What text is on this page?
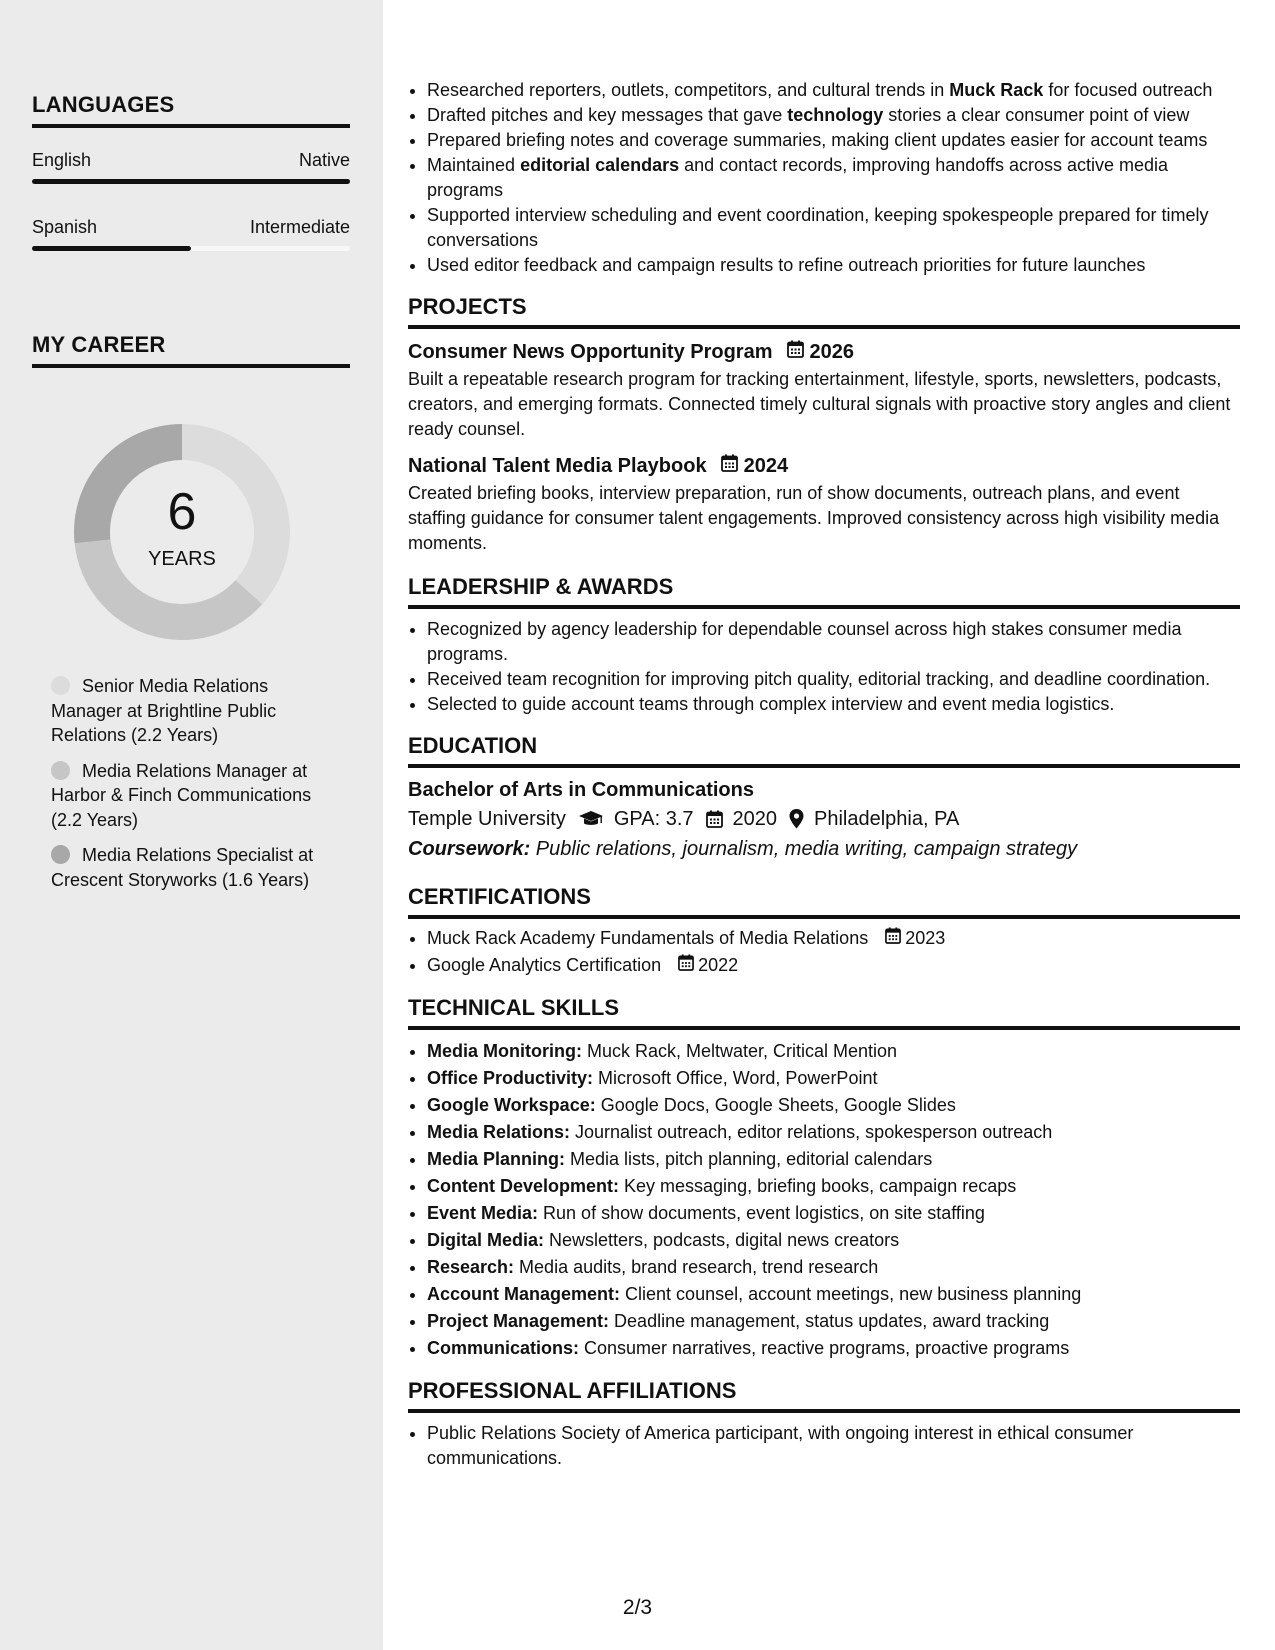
LANGUAGES
English	Native
Spanish	Intermediate
MY CAREER
6
YEARS
Senior Media Relations Manager at Brightline Public Relations (2.2 Years)
Media Relations Manager at Harbor & Finch Communications (2.2 Years)
Media Relations Specialist at Crescent Storyworks (1.6 Years)
• Researched reporters, outlets, competitors, and cultural trends in Muck Rack for focused outreach
• Drafted pitches and key messages that gave technology stories a clear consumer point of view
• Prepared briefing notes and coverage summaries, making client updates easier for account teams
• Maintained editorial calendars and contact records, improving handoffs across active media programs
• Supported interview scheduling and event coordination, keeping spokespeople prepared for timely conversations
• Used editor feedback and campaign results to refine outreach priorities for future launches
PROJECTS
Consumer News Opportunity Program 2026
Built a repeatable research program for tracking entertainment, lifestyle, sports, newsletters, podcasts, creators, and emerging formats. Connected timely cultural signals with proactive story angles and client ready counsel.
National Talent Media Playbook 2024
Created briefing books, interview preparation, run of show documents, outreach plans, and event staffing guidance for consumer talent engagements. Improved consistency across high visibility media moments.
LEADERSHIP & AWARDS
• Recognized by agency leadership for dependable counsel across high stakes consumer media programs.
• Received team recognition for improving pitch quality, editorial tracking, and deadline coordination.
• Selected to guide account teams through complex interview and event media logistics.
EDUCATION
Bachelor of Arts in Communications
Temple University GPA: 3.7 2020 Philadelphia, PA
Coursework: Public relations, journalism, media writing, campaign strategy
CERTIFICATIONS
• Muck Rack Academy Fundamentals of Media Relations 2023
• Google Analytics Certification 2022
TECHNICAL SKILLS
• Media Monitoring: Muck Rack, Meltwater, Critical Mention
• Office Productivity: Microsoft Office, Word, PowerPoint
• Google Workspace: Google Docs, Google Sheets, Google Slides
• Media Relations: Journalist outreach, editor relations, spokesperson outreach
• Media Planning: Media lists, pitch planning, editorial calendars
• Content Development: Key messaging, briefing books, campaign recaps
• Event Media: Run of show documents, event logistics, on site staffing
• Digital Media: Newsletters, podcasts, digital news creators
• Research: Media audits, brand research, trend research
• Account Management: Client counsel, account meetings, new business planning
• Project Management: Deadline management, status updates, award tracking
• Communications: Consumer narratives, reactive programs, proactive programs
PROFESSIONAL AFFILIATIONS
• Public Relations Society of America participant, with ongoing interest in ethical consumer communications.
2/3
